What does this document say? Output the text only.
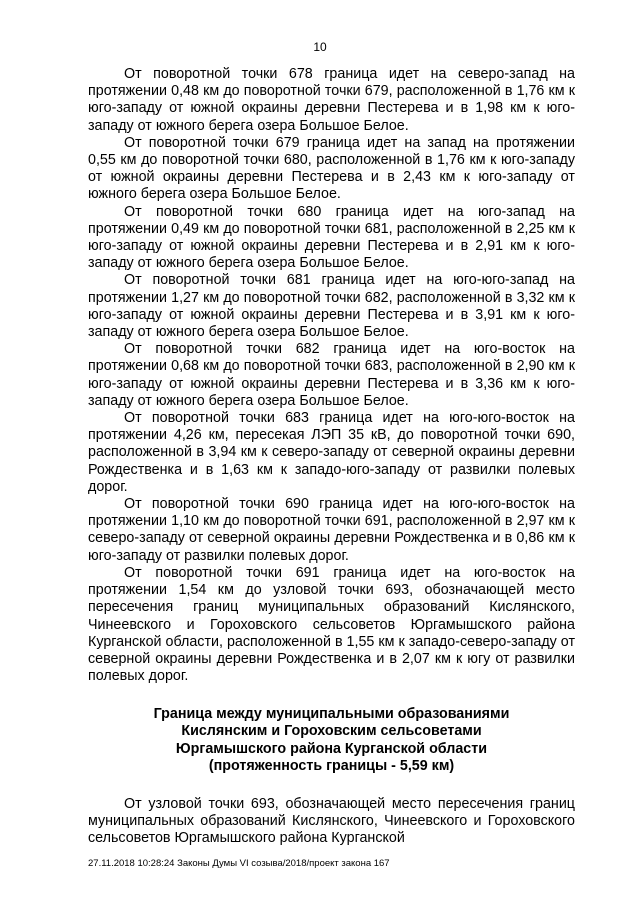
10

От поворотной точки 678 граница идет на северо-запад на протяжении 0,48 км до поворотной точки 679, расположенной в 1,76 км к юго-западу от южной окраины деревни Пестерева и в 1,98 км к юго-западу от южного берега озера Большое Белое.

От поворотной точки 679 граница идет на запад на протяжении 0,55 км до поворотной точки 680, расположенной в 1,76 км к юго-западу от южной окраины деревни Пестерева и в 2,43 км к юго-западу от южного берега озера Большое Белое.

От поворотной точки 680 граница идет на юго-запад на протяжении 0,49 км до поворотной точки 681, расположенной в 2,25 км к юго-западу от южной окраины деревни Пестерева и в 2,91 км к юго-западу от южного берега озера Большое Белое.

От поворотной точки 681 граница идет на юго-юго-запад на протяжении 1,27 км до поворотной точки 682, расположенной в 3,32 км к юго-западу от южной окраины деревни Пестерева и в 3,91 км к юго-западу от южного берега озера Большое Белое.

От поворотной точки 682 граница идет на юго-восток на протяжении 0,68 км до поворотной точки 683, расположенной в 2,90 км к юго-западу от южной окраины деревни Пестерева и в 3,36 км к юго-западу от южного берега озера Большое Белое.

От поворотной точки 683 граница идет на юго-юго-восток на протяжении 4,26 км, пересекая ЛЭП 35 кВ, до поворотной точки 690, расположенной в 3,94 км к северо-западу от северной окраины деревни Рождественка и в 1,63 км к западо-юго-западу от развилки полевых дорог.

От поворотной точки 690 граница идет на юго-юго-восток на протяжении 1,10 км до поворотной точки 691, расположенной в 2,97 км к северо-западу от северной окраины деревни Рождественка и в 0,86 км к юго-западу от развилки полевых дорог.

От поворотной точки 691 граница идет на юго-восток на протяжении 1,54 км до узловой точки 693, обозначающей место пересечения границ муниципальных образований Кислянского, Чинеевского и Гороховского сельсоветов Юргамышского района Курганской области, расположенной в 1,55 км к западо-северо-западу от северной окраины деревни Рождественка и в 2,07 км к югу от развилки полевых дорог.

Граница между муниципальными образованиями
Кислянским и Гороховским сельсоветами
Юргамышского района Курганской области
(протяженность границы - 5,59 км)

От узловой точки 693, обозначающей место пересечения границ муниципальных образований Кислянского, Чинеевского и Гороховского сельсоветов Юргамышского района Курганской

27.11.2018 10:28:24 Законы Думы VI созыва/2018/проект закона 167
